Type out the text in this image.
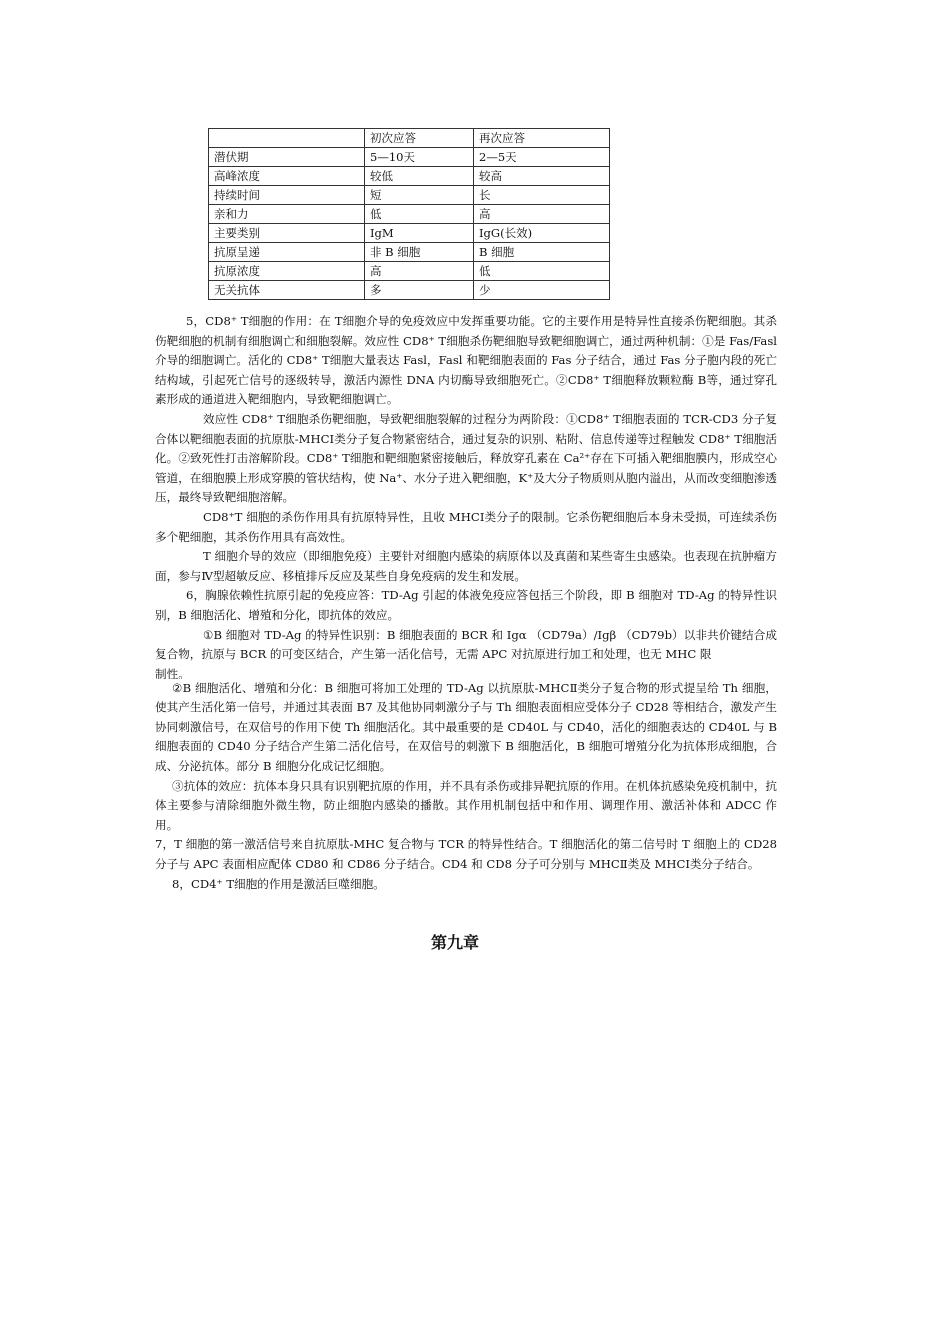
	初次应答	再次应答
潜伏期	5—10天	2—5天
高峰浓度	较低	较高
持续时间	短	长
亲和力	低	高
主要类别	IgM	IgG(长效)
抗原呈递	非 B 细胞	B 细胞
抗原浓度	高	低
无关抗体	多	少

5，CD8⁺ T细胞的作用：在 T细胞介导的免疫效应中发挥重要功能。它的主要作用是特异性直接杀伤靶细胞。其杀伤靶细胞的机制有细胞调亡和细胞裂解。效应性 CD8⁺ T细胞杀伤靶细胞导致靶细胞调亡，通过两种机制：①是 Fas/Fasl 介导的细胞调亡。活化的 CD8⁺ T细胞大量表达 Fasl，Fasl 和靶细胞表面的 Fas 分子结合，通过 Fas 分子胞内段的死亡结构域，引起死亡信号的逐级转导，激活内源性 DNA 内切酶导致细胞死亡。②CD8⁺ T细胞释放颗粒酶 B等，通过穿孔素形成的通道进入靶细胞内，导致靶细胞调亡。

效应性 CD8⁺ T细胞杀伤靶细胞，导致靶细胞裂解的过程分为两阶段：①CD8⁺ T细胞表面的 TCR-CD3 分子复合体以靶细胞表面的抗原肽-MHCⅠ类分子复合物紧密结合，通过复杂的识别、粘附、信息传递等过程触发 CD8⁺ T细胞活化。②致死性打击溶解阶段。CD8⁺ T细胞和靶细胞紧密接触后，释放穿孔素在 Ca²⁺存在下可插入靶细胞膜内，形成空心管道，在细胞膜上形成穿膜的管状结构，使 Na⁺、水分子进入靶细胞，K⁺及大分子物质则从胞内溢出，从而改变细胞渗透压，最终导致靶细胞溶解。

CD8⁺T 细胞的杀伤作用具有抗原特异性，且收 MHCⅠ类分子的限制。它杀伤靶细胞后本身未受损，可连续杀伤多个靶细胞，其杀伤作用具有高效性。

T 细胞介导的效应（即细胞免疫）主要针对细胞内感染的病原体以及真菌和某些寄生虫感染。也表现在抗肿瘤方面，参与Ⅳ型超敏反应、移植排斥反应及某些自身免疫病的发生和发展。

6，胸腺依赖性抗原引起的免疫应答：TD-Ag 引起的体液免疫应答包括三个阶段，即 B 细胞对 TD-Ag 的特异性识别，B 细胞活化、增殖和分化，即抗体的效应。

①B 细胞对 TD-Ag 的特异性识别：B 细胞表面的 BCR 和 Igα （CD79a）/Igβ （CD79b）以非共价键结合成复合物，抗原与 BCR 的可变区结合，产生第一活化信号，无需 APC 对抗原进行加工和处理，也无 MHC 限

制性。

②B 细胞活化、增殖和分化：B 细胞可将加工处理的 TD-Ag 以抗原肽-MHCⅡ类分子复合物的形式提呈给 Th 细胞，使其产生活化第一信号，并通过其表面 B7 及其他协同刺激分子与 Th 细胞表面相应受体分子 CD28 等相结合，激发产生协同刺激信号，在双信号的作用下使 Th 细胞活化。其中最重要的是 CD40L 与 CD40，活化的细胞表达的 CD40L 与 B 细胞表面的 CD40 分子结合产生第二活化信号，在双信号的刺激下 B 细胞活化，B 细胞可增殖分化为抗体形成细胞，合成、分泌抗体。部分 B 细胞分化成记忆细胞。

③抗体的效应：抗体本身只具有识别靶抗原的作用，并不具有杀伤或排异靶抗原的作用。在机体抗感染免疫机制中，抗体主要参与清除细胞外微生物，防止细胞内感染的播散。其作用机制包括中和作用、调理作用、激活补体和 ADCC 作用。

7，T 细胞的第一激活信号来自抗原肽-MHC 复合物与 TCR 的特异性结合。T 细胞活化的第二信号时 T 细胞上的 CD28 分子与 APC 表面相应配体 CD80 和 CD86 分子结合。CD4 和 CD8 分子可分别与 MHCⅡ类及 MHCⅠ类分子结合。

8，CD4⁺ T细胞的作用是激活巨噬细胞。

第九章
